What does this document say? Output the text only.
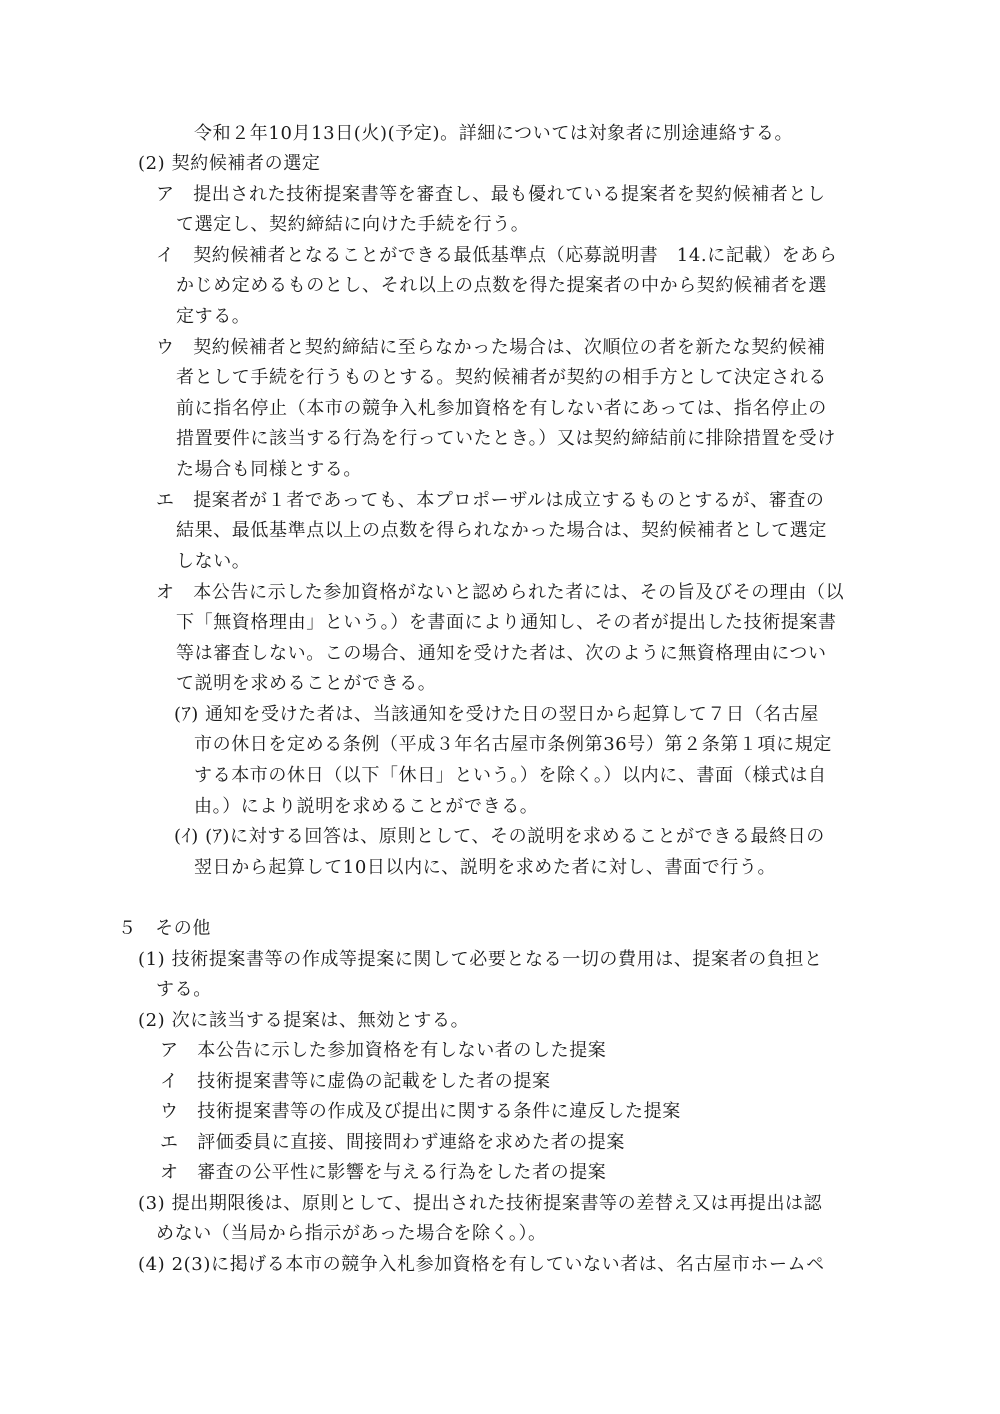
令和２年10月13日(火)(予定)。詳細については対象者に別途連絡する。
(2) 契約候補者の選定
ア　提出された技術提案書等を審査し、最も優れている提案者を契約候補者とし
て選定し、契約締結に向けた手続を行う。
イ　契約候補者となることができる最低基準点（応募説明書　14.に記載）をあら
かじめ定めるものとし、それ以上の点数を得た提案者の中から契約候補者を選
定する。
ウ　契約候補者と契約締結に至らなかった場合は、次順位の者を新たな契約候補
者として手続を行うものとする。契約候補者が契約の相手方として決定される
前に指名停止（本市の競争入札参加資格を有しない者にあっては、指名停止の
措置要件に該当する行為を行っていたとき。）又は契約締結前に排除措置を受け
た場合も同様とする。
エ　提案者が１者であっても、本プロポーザルは成立するものとするが、審査の
結果、最低基準点以上の点数を得られなかった場合は、契約候補者として選定
しない。
オ　本公告に示した参加資格がないと認められた者には、その旨及びその理由（以
下「無資格理由」という。）を書面により通知し、その者が提出した技術提案書
等は審査しない。この場合、通知を受けた者は、次のように無資格理由につい
て説明を求めることができる。
(ｱ) 通知を受けた者は、当該通知を受けた日の翌日から起算して７日（名古屋
市の休日を定める条例（平成３年名古屋市条例第36号）第２条第１項に規定
する本市の休日（以下「休日」という。）を除く。）以内に、書面（様式は自
由。）により説明を求めることができる。
(ｲ) (ｱ)に対する回答は、原則として、その説明を求めることができる最終日の
翌日から起算して10日以内に、説明を求めた者に対し、書面で行う。
５　その他
(1) 技術提案書等の作成等提案に関して必要となる一切の費用は、提案者の負担と
する。
(2) 次に該当する提案は、無効とする。
ア　本公告に示した参加資格を有しない者のした提案
イ　技術提案書等に虚偽の記載をした者の提案
ウ　技術提案書等の作成及び提出に関する条件に違反した提案
エ　評価委員に直接、間接問わず連絡を求めた者の提案
オ　審査の公平性に影響を与える行為をした者の提案
(3) 提出期限後は、原則として、提出された技術提案書等の差替え又は再提出は認
めない（当局から指示があった場合を除く。）。
(4) 2(3)に掲げる本市の競争入札参加資格を有していない者は、名古屋市ホームペ
